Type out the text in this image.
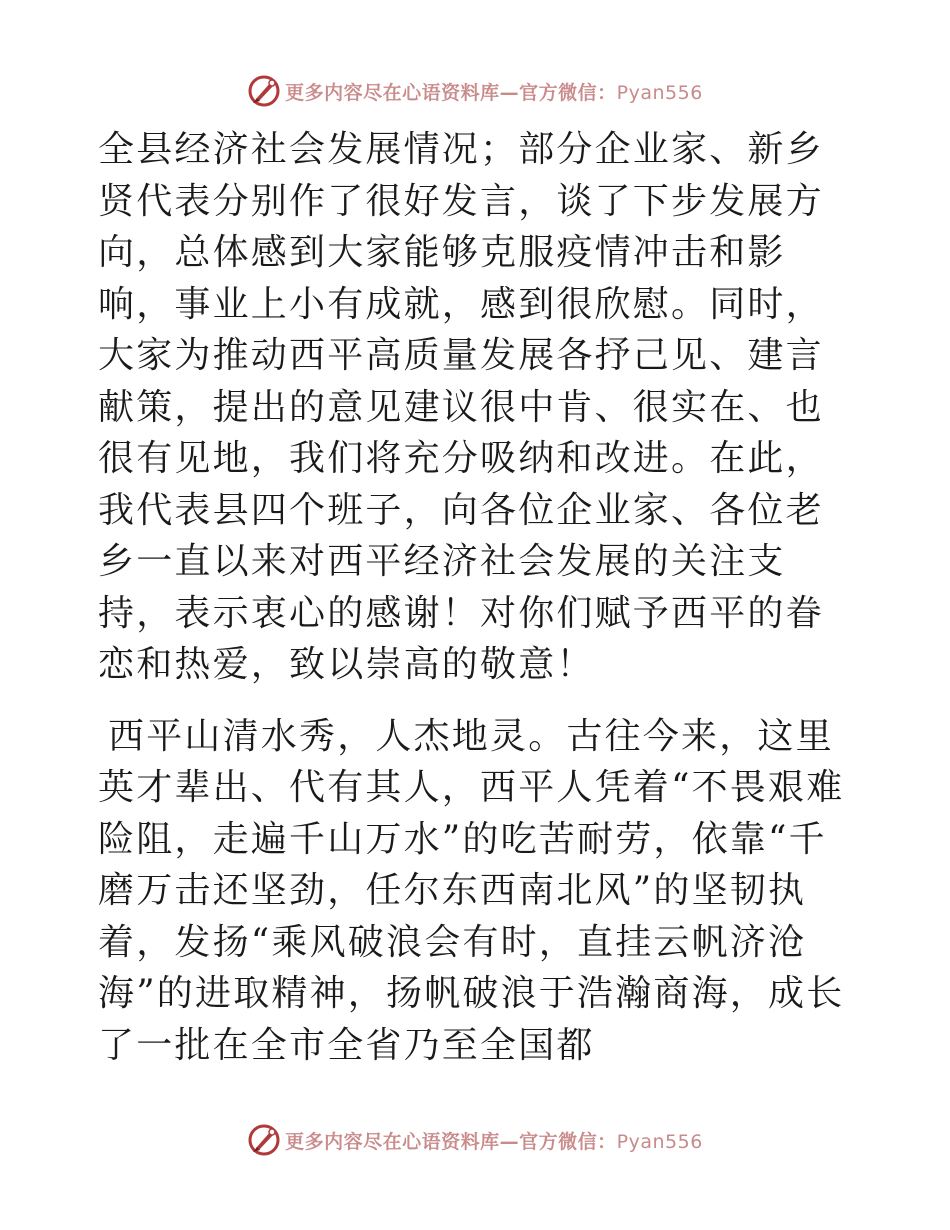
更多内容尽在心语资料库—官方微信：Pyan556

全县经济社会发展情况；部分企业家、新乡贤代表分别作了很好发言，谈了下步发展方向，总体感到大家能够克服疫情冲击和影响，事业上小有成就，感到很欣慰。同时，大家为推动西平高质量发展各抒己见、建言献策，提出的意见建议很中肯、很实在、也很有见地，我们将充分吸纳和改进。在此，我代表县四个班子，向各位企业家、各位老乡一直以来对西平经济社会发展的关注支持，表示衷心的感谢！对你们赋予西平的眷恋和热爱，致以崇高的敬意！

西平山清水秀，人杰地灵。古往今来，这里英才辈出、代有其人，西平人凭着“不畏艰难险阻，走遍千山万水”的吃苦耐劳，依靠“千磨万击还坚劲，任尔东西南北风”的坚韧执着，发扬“乘风破浪会有时，直挂云帆济沧海”的进取精神，扬帆破浪于浩瀚商海，成长了一批在全市全省乃至全国都

更多内容尽在心语资料库—官方微信：Pyan556
